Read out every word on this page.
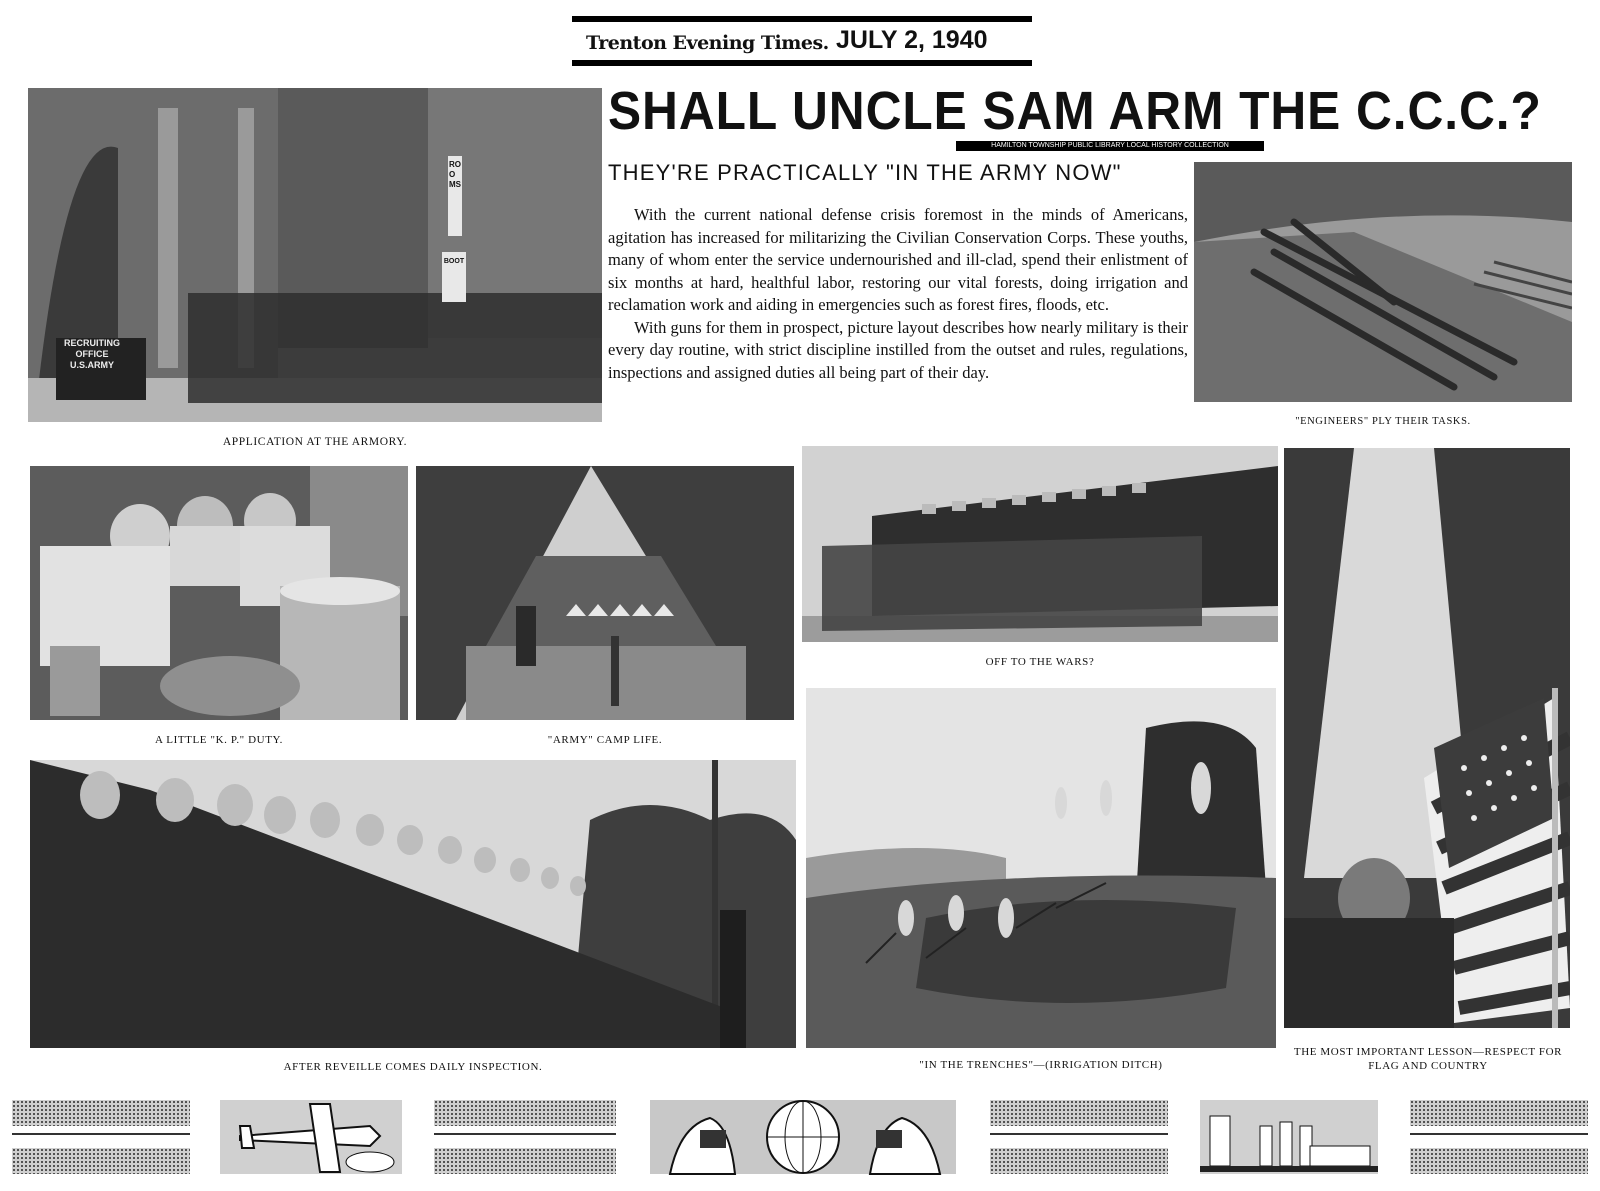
Trenton Evening Times. JULY 2, 1940
SHALL UNCLE SAM ARM THE C.C.C.?
HAMILTON TOWNSHIP PUBLIC LIBRARY LOCAL HISTORY COLLECTION
THEY'RE PRACTICALLY "IN THE ARMY NOW"

With the current national defense crisis foremost in the minds of Americans, agitation has increased for militarizing the Civilian Conservation Corps. These youths, many of whom enter the service undernourished and ill-clad, spend their enlistment of six months at hard, healthful labor, restoring our vital forests, doing irrigation and reclamation work and aiding in emergencies such as forest fires, floods, etc.

With guns for them in prospect, picture layout describes how nearly military is their every day routine, with strict discipline instilled from the outset and rules, regulations, inspections and assigned duties all being part of their day.

RECRUITING OFFICE U.S.ARMY
ROOMS
BOOT
APPLICATION AT THE ARMORY.
"ENGINEERS" PLY THEIR TASKS.
A LITTLE "K. P." DUTY.	"ARMY" CAMP LIFE.
OFF TO THE WARS?
THE MOST IMPORTANT LESSON—RESPECT FOR FLAG AND COUNTRY
AFTER REVEILLE COMES DAILY INSPECTION.	"IN THE TRENCHES"—(IRRIGATION DITCH)
